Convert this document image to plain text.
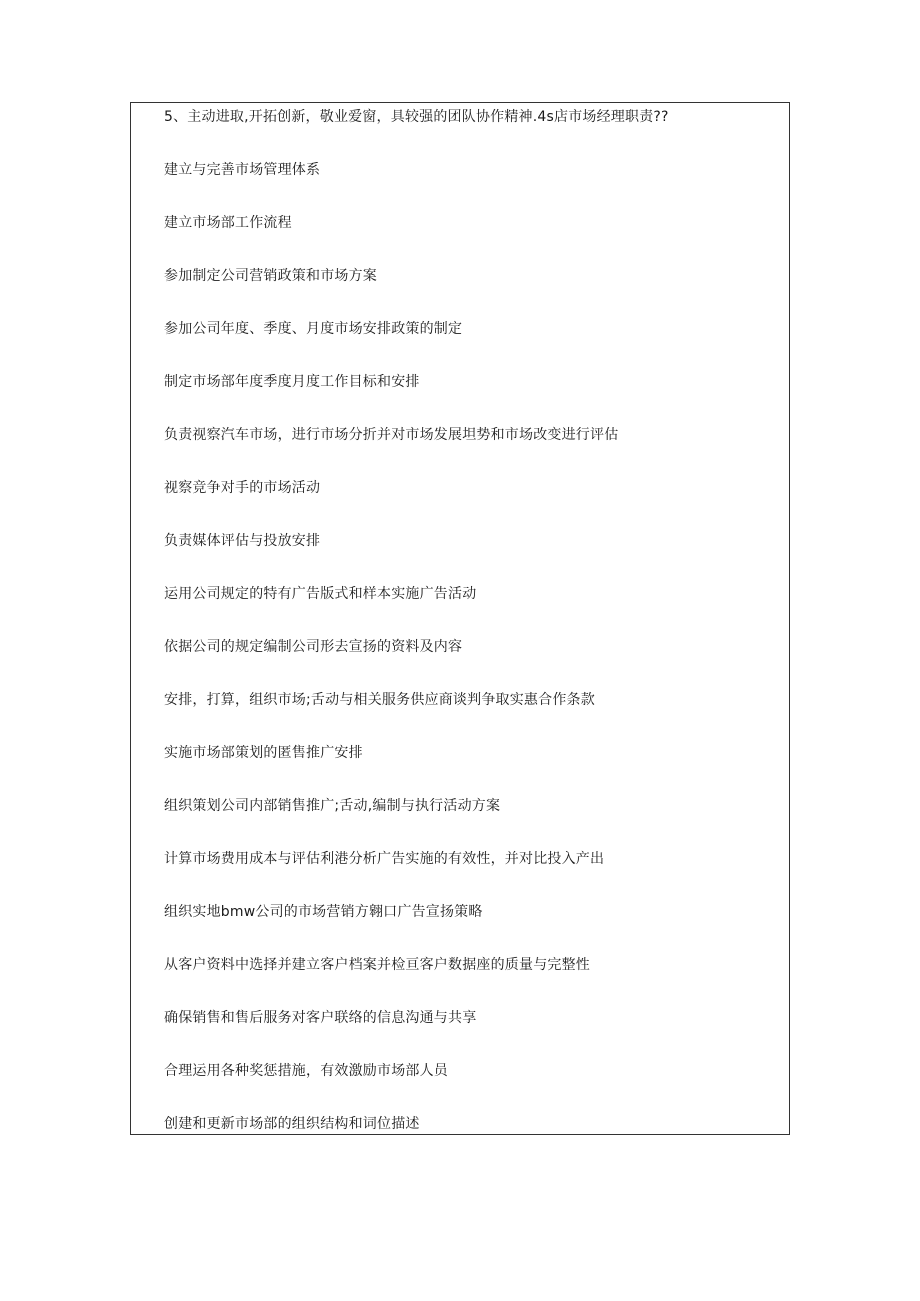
5、主动进取,开拓创新，敬业爱窗，具较强的团队协作精神.4s店市场经理职责??
建立与完善市场管理体系
建立市场部工作流程
参加制定公司营销政策和市场方案
参加公司年度、季度、月度市场安排政策的制定
制定市场部年度季度月度工作目标和安排
负责视察汽车市场，进行市场分折并对市场发展坦势和市场改变进行评估
视察竞争对手的市场活动
负责媒体评估与投放安排
运用公司规定的特有广告版式和样本实施广告活动
依据公司的规定编制公司形去宣扬的资料及内容
安排，打算，组织市场;舌动与相关服务供应商谈判争取实惠合作条款
实施市场部策划的匿售推广安排
组织策划公司内部销售推广;舌动,编制与执行活动方案
计算市场费用成本与评估利港分析广告实施的有效性，并对比投入产出
组织实地bmw公司的市场营销方翱口广告宣扬策略
从客户资料中选择并建立客户档案并检亘客户数据座的质量与完整性
确保销售和售后服务对客户联络的信息沟通与共享
合理运用各种奖惩措施，有效激励市场部人员
创建和更新市场部的组织结构和词位描述
